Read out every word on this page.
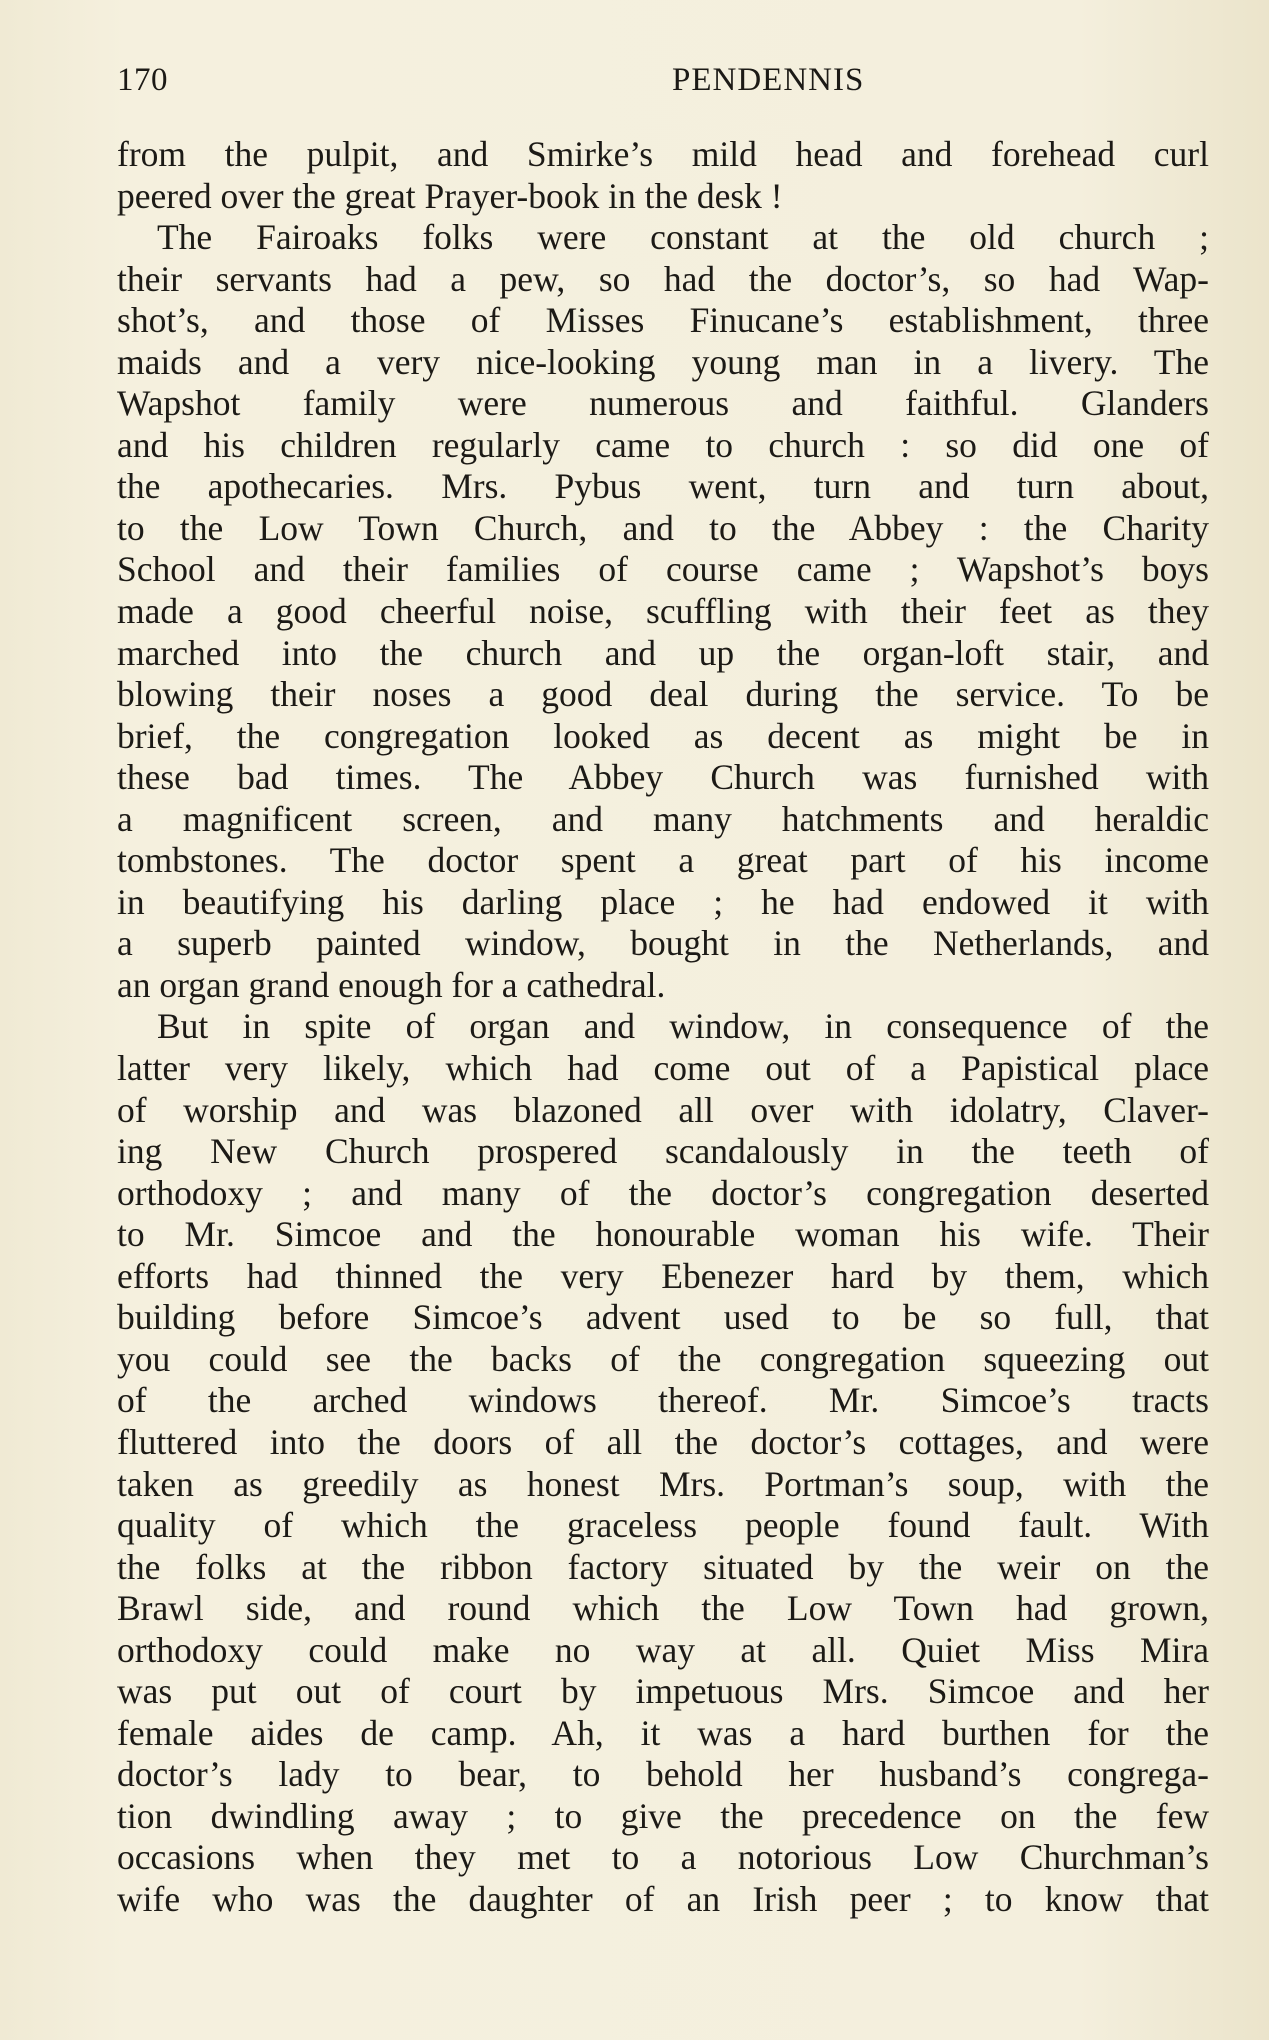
170	PENDENNIS
from the pulpit, and Smirke’s mild head and forehead curl
peered over the great Prayer-book in the desk !
The Fairoaks folks were constant at the old church ;
their servants had a pew, so had the doctor’s, so had Wap-
shot’s, and those of Misses Finucane’s establishment, three
maids and a very nice-looking young man in a livery. The
Wapshot family were numerous and faithful. Glanders
and his children regularly came to church : so did one of
the apothecaries. Mrs. Pybus went, turn and turn about,
to the Low Town Church, and to the Abbey : the Charity
School and their families of course came ; Wapshot’s boys
made a good cheerful noise, scuffling with their feet as they
marched into the church and up the organ-loft stair, and
blowing their noses a good deal during the service. To be
brief, the congregation looked as decent as might be in
these bad times. The Abbey Church was furnished with
a magnificent screen, and many hatchments and heraldic
tombstones. The doctor spent a great part of his income
in beautifying his darling place ; he had endowed it with
a superb painted window, bought in the Netherlands, and
an organ grand enough for a cathedral.
But in spite of organ and window, in consequence of the
latter very likely, which had come out of a Papistical place
of worship and was blazoned all over with idolatry, Claver-
ing New Church prospered scandalously in the teeth of
orthodoxy ; and many of the doctor’s congregation deserted
to Mr. Simcoe and the honourable woman his wife. Their
efforts had thinned the very Ebenezer hard by them, which
building before Simcoe’s advent used to be so full, that
you could see the backs of the congregation squeezing out
of the arched windows thereof. Mr. Simcoe’s tracts
fluttered into the doors of all the doctor’s cottages, and were
taken as greedily as honest Mrs. Portman’s soup, with the
quality of which the graceless people found fault. With
the folks at the ribbon factory situated by the weir on the
Brawl side, and round which the Low Town had grown,
orthodoxy could make no way at all. Quiet Miss Mira
was put out of court by impetuous Mrs. Simcoe and her
female aides de camp. Ah, it was a hard burthen for the
doctor’s lady to bear, to behold her husband’s congrega-
tion dwindling away ; to give the precedence on the few
occasions when they met to a notorious Low Churchman’s
wife who was the daughter of an Irish peer ; to know that
